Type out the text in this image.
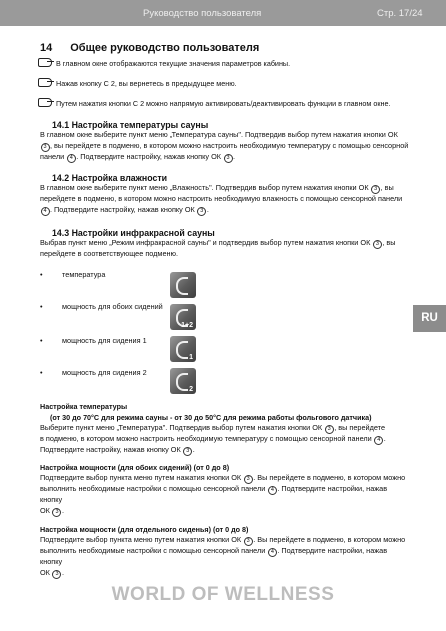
Руководство пользователя	Стр. 17/24
RU
14 Общее руководство пользователя
В главном окне отображаются текущие значения параметров кабины.
Нажав кнопку C 2, вы вернетесь в предыдущее меню.
Путем нажатия кнопки C 2 можно напрямую активировать/деактивировать функции в главном окне.
14.1 Настройка температуры сауны
В главном окне выберите пункт меню „Температура сауны". Подтвердив выбор путем нажатия кнопки ОК
3 , вы перейдете в подменю, в котором можно настроить необходимую температуру с помощью сенсорной
панели 4 . Подтвердите настройку, нажав кнопку ОК 3 .
14.2 Настройка влажности
В главном окне выберите пункт меню „Влажность". Подтвердив выбор путем нажатия кнопки ОК 3 , вы
перейдете в подменю, в котором можно настроить необходимую влажность с помощью сенсорной панели
4 . Подтвердите настройку, нажав кнопку ОК 3 .
14.3 Настройки инфракрасной сауны
Выбрав пункт меню „Режим инфракрасной сауны" и подтвердив выбор путем нажатия кнопки ОК 3 , вы
перейдете в соответствующее подменю.
•	температура
•	мощность для обоих сидений
1+2
•	мощность для сидения 1
1
•	мощность для сидения 2
2
Настройка температуры
(от 30 до 70°C для режима сауны - от 30 до 50°C для режима работы фольгового датчика)
Выберите пункт меню „Температура". Подтвердив выбор путем нажатия кнопки ОК 3 , вы перейдете
в подменю, в котором можно настроить необходимую температуру с помощью сенсорной панели 4 .
Подтвердите настройку, нажав кнопку ОК 3 .
Настройка мощности (для обоих сидений) (от 0 до 8)
Подтвердите выбор пункта меню путем нажатия кнопки ОК 3 . Вы перейдете в подменю, в котором можно
выполнить необходимые настройки с помощью сенсорной панели 4 . Подтвердите настройки, нажав кнопку
ОК 3 .
Настройка мощности (для отдельного сиденья) (от 0 до 8)
Подтвердите выбор пункта меню путем нажатия кнопки ОК 3 . Вы перейдете в подменю, в котором можно
выполнить необходимые настройки с помощью сенсорной панели 4 . Подтвердите настройки, нажав кнопку
ОК 3 .
WORLD OF WELLNESS
